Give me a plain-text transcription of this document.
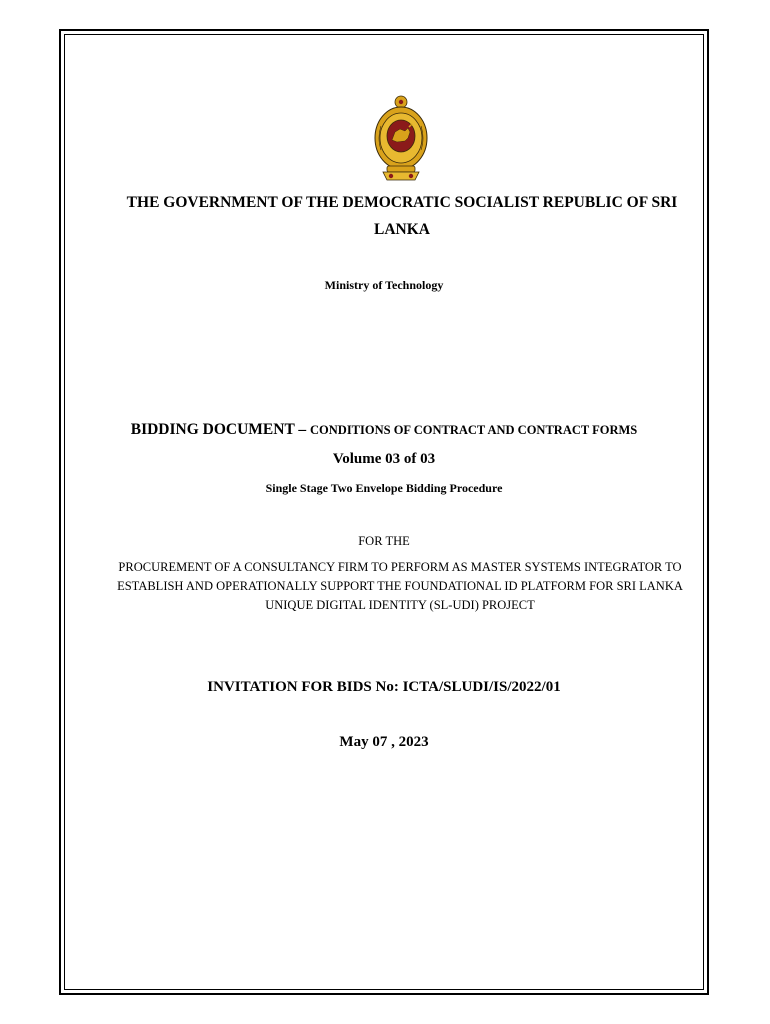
THE GOVERNMENT OF THE DEMOCRATIC SOCIALIST REPUBLIC OF SRI LANKA
Ministry of Technology
BIDDING DOCUMENT – CONDITIONS OF CONTRACT AND CONTRACT FORMS
Volume 03 of 03
Single Stage Two Envelope Bidding Procedure
FOR THE
PROCUREMENT OF A CONSULTANCY FIRM TO PERFORM AS MASTER SYSTEMS INTEGRATOR TO ESTABLISH AND OPERATIONALLY SUPPORT THE FOUNDATIONAL ID PLATFORM FOR SRI LANKA UNIQUE DIGITAL IDENTITY (SL-UDI) PROJECT
INVITATION FOR BIDS No: ICTA/SLUDI/IS/2022/01
May 07 , 2023
